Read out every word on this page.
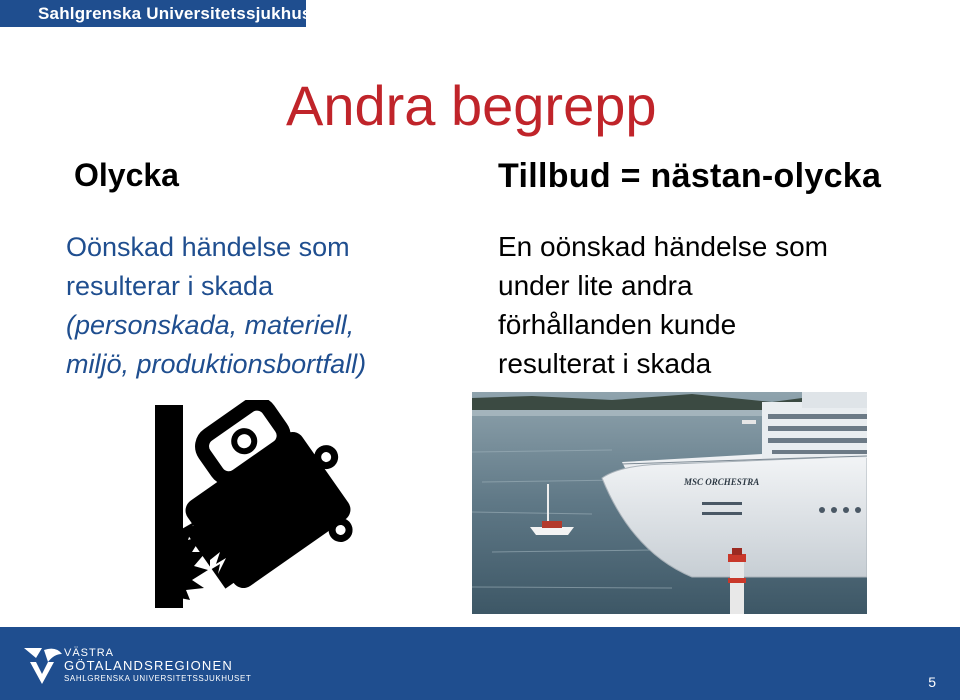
Sahlgrenska Universitetssjukhuset
Andra begrepp
Olycka	Tillbud = nästan-olycka
Oönskad händelse som
resulterar i skada
(personskada, materiell,
miljö, produktionsbortfall)
En oönskad händelse som
under lite andra
förhållanden kunde
resulterat i skada
MSC ORCHESTRA
VÄSTRA
GÖTALANDSREGIONEN
SAHLGRENSKA UNIVERSITETSSJUKHUSET	5
